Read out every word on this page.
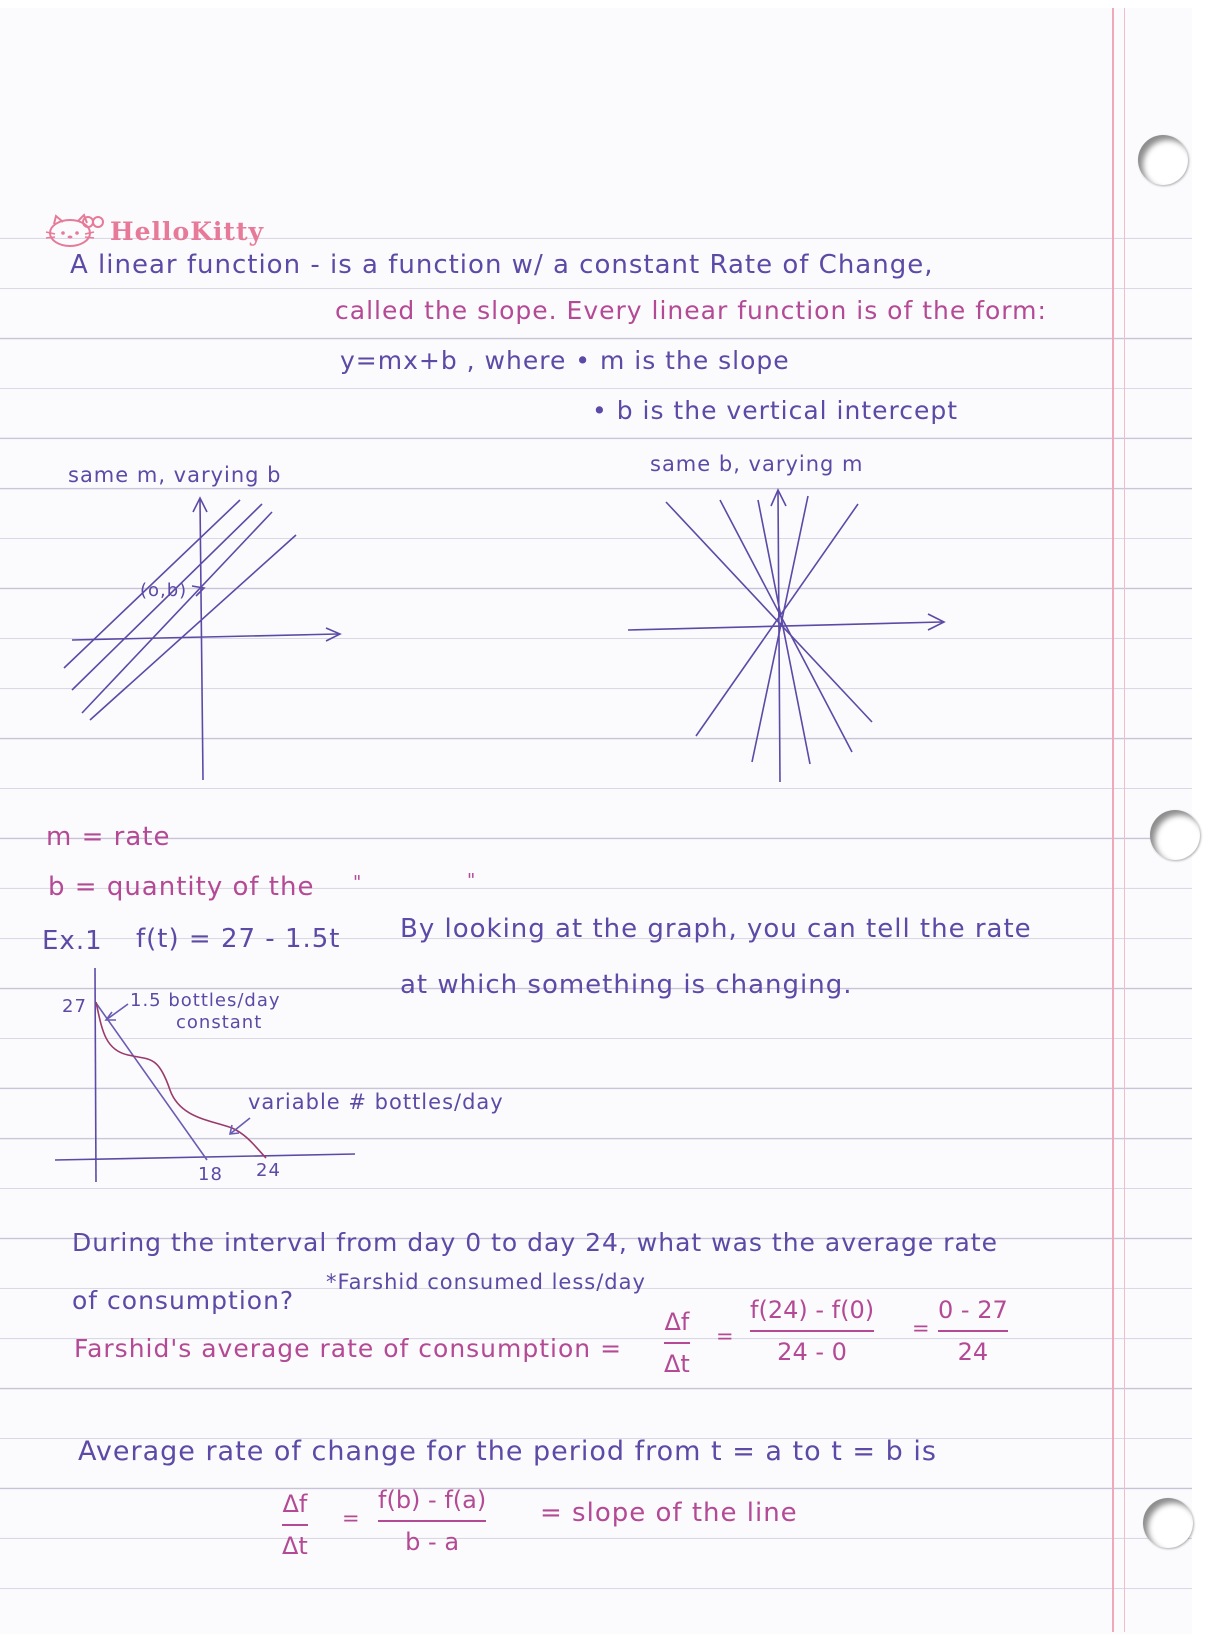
HelloKitty
A linear function - is a function w/ a constant Rate of Change,
called the slope. Every linear function is of the form:
y=mx+b , where • m is the slope
• b is the vertical intercept
same m, varying b	same b, varying m
(o,b)
m = rate
b = quantity of the "	"
Ex.1 f(t) = 27 - 1.5t By looking at the graph, you can tell the rate
at which something is changing.
27 1.5 bottles/day
constant
variable # bottles/day
18 24
During the interval from day 0 to day 24, what was the average rate
of consumption?
*Farshid consumed less/day
Farshid's average rate of consumption =
Δf
Δt
=
f(24) - f(0)
24 - 0
=
0 - 27
24
Average rate of change for the period from t = a to t = b is
Δf
Δt
=
f(b) - f(a)
b - a
= slope of the line
